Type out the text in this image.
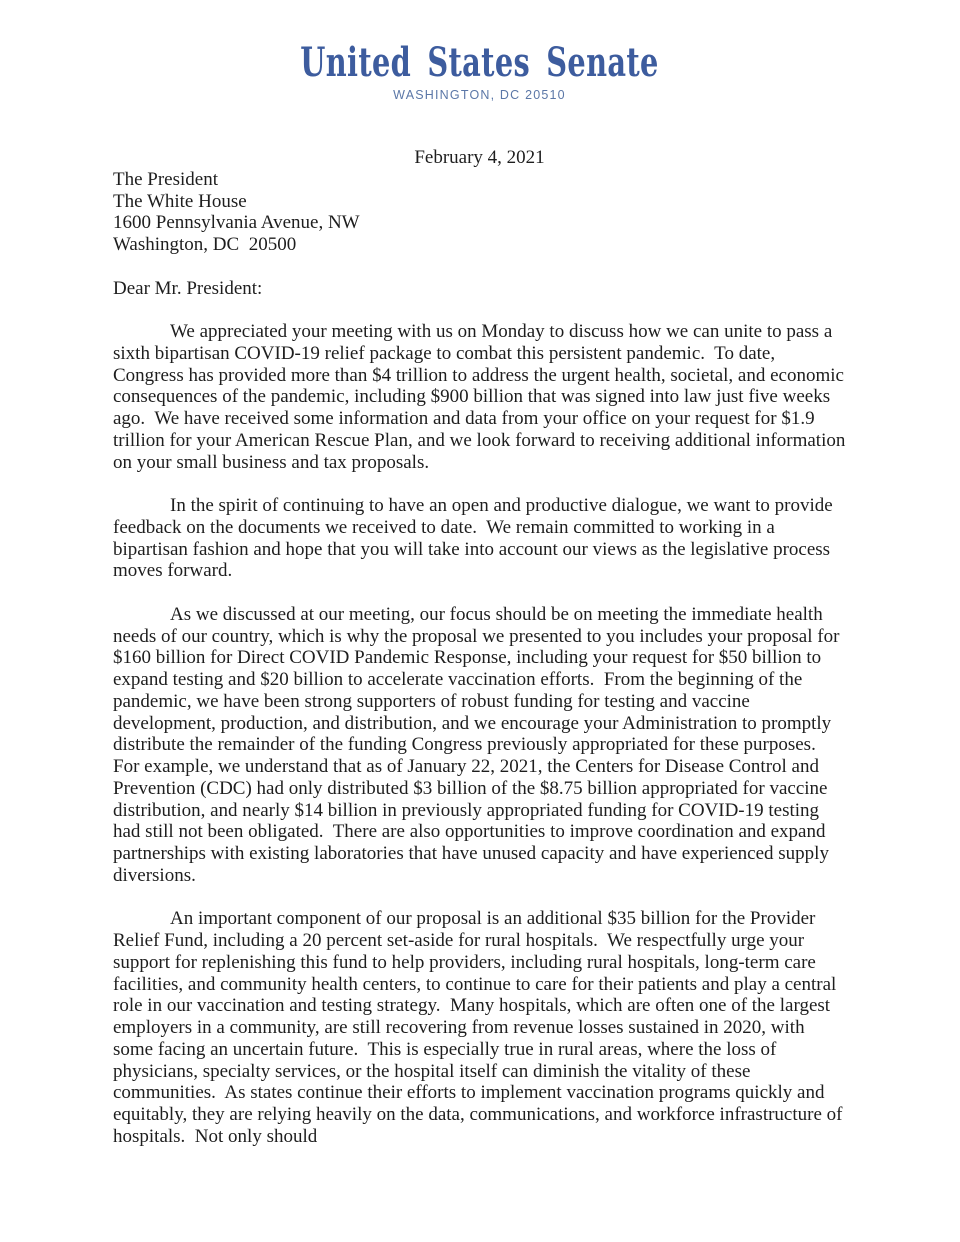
United States Senate
WASHINGTON, DC 20510
February 4, 2021
The President
The White House
1600 Pennsylvania Avenue, NW
Washington, DC  20500
Dear Mr. President:

We appreciated your meeting with us on Monday to discuss how we can unite to pass a sixth bipartisan COVID-19 relief package to combat this persistent pandemic.  To date, Congress has provided more than $4 trillion to address the urgent health, societal, and economic consequences of the pandemic, including $900 billion that was signed into law just five weeks ago.  We have received some information and data from your office on your request for $1.9 trillion for your American Rescue Plan, and we look forward to receiving additional information on your small business and tax proposals.

In the spirit of continuing to have an open and productive dialogue, we want to provide feedback on the documents we received to date.  We remain committed to working in a bipartisan fashion and hope that you will take into account our views as the legislative process moves forward.

As we discussed at our meeting, our focus should be on meeting the immediate health needs of our country, which is why the proposal we presented to you includes your proposal for $160 billion for Direct COVID Pandemic Response, including your request for $50 billion to expand testing and $20 billion to accelerate vaccination efforts.  From the beginning of the pandemic, we have been strong supporters of robust funding for testing and vaccine development, production, and distribution, and we encourage your Administration to promptly distribute the remainder of the funding Congress previously appropriated for these purposes.  For example, we understand that as of January 22, 2021, the Centers for Disease Control and Prevention (CDC) had only distributed $3 billion of the $8.75 billion appropriated for vaccine distribution, and nearly $14 billion in previously appropriated funding for COVID-19 testing had still not been obligated.  There are also opportunities to improve coordination and expand partnerships with existing laboratories that have unused capacity and have experienced supply diversions.

An important component of our proposal is an additional $35 billion for the Provider Relief Fund, including a 20 percent set-aside for rural hospitals.  We respectfully urge your support for replenishing this fund to help providers, including rural hospitals, long-term care facilities, and community health centers, to continue to care for their patients and play a central role in our vaccination and testing strategy.  Many hospitals, which are often one of the largest employers in a community, are still recovering from revenue losses sustained in 2020, with some facing an uncertain future.  This is especially true in rural areas, where the loss of physicians, specialty services, or the hospital itself can diminish the vitality of these communities.  As states continue their efforts to implement vaccination programs quickly and equitably, they are relying heavily on the data, communications, and workforce infrastructure of hospitals.  Not only should
